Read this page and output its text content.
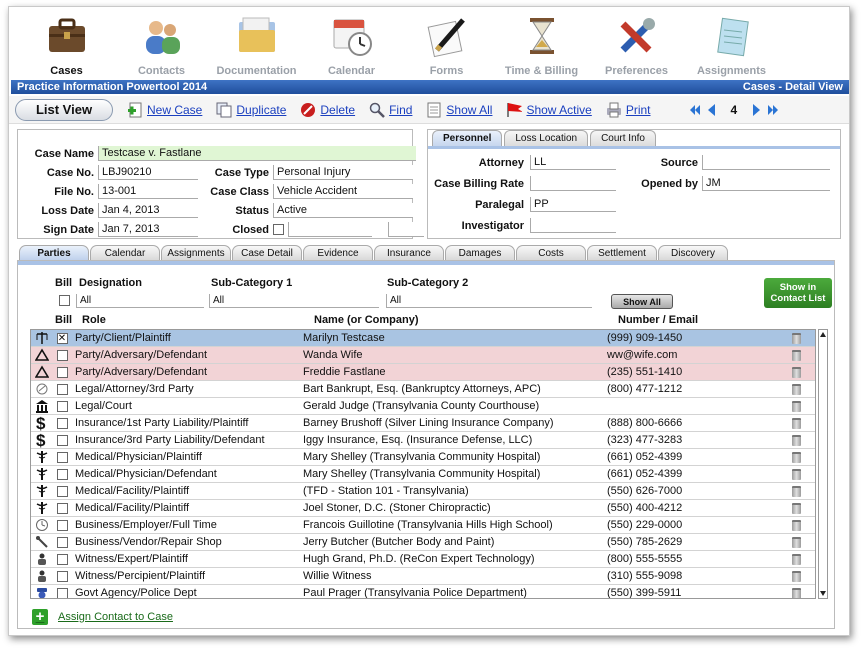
Cases	Contacts	Documentation	Calendar	Forms	Time & Billing Preferences	Assignments
Practice Information Powertool 2014	Cases - Detail View
List View	New Case	Duplicate	Delete	Find	Show All	Show Active	Print	4
Case Name Testcase v. Fastlane
Case No. LBJ90210
File No. 13-001
Loss Date Jan 4, 2013
Sign Date Jan 7, 2013
Case Type Personal Injury
Case Class Vehicle Accident
Status Active
Closed
Personnel Loss Location Court Info
Attorney LL
Case Billing Rate
Paralegal PP
Investigator
Source
Opened by JM
Parties	Calendar Assignments Case Detail Evidence	Insurance	Damages	Costs	Settlement	Discovery
Bill Designation	Sub-Category 1	Sub-Category 2
All	All	All	Show All
Show in Contact List
Bill Role	Name (or Company)	Number / Email
✕ Party/Client/Plaintiff	Marilyn Testcase	(999) 909-1450
Party/Adversary/Defendant	Wanda Wife	ww@wife.com
Party/Adversary/Defendant	Freddie Fastlane	(235) 551-1410
Legal/Attorney/3rd Party	Bart Bankrupt, Esq. (Bankruptcy Attorneys, APC)	(800) 477-1212
Legal/Court	Gerald Judge (Transylvania County Courthouse)
$	Insurance/1st Party Liability/Plaintiff	Barney Brushoff (Silver Lining Insurance Company)	(888) 800-6666
$	Insurance/3rd Party Liability/Defendant	Iggy Insurance, Esq. (Insurance Defense, LLC)	(323) 477-3283
Medical/Physician/Plaintiff	Mary Shelley (Transylvania Community Hospital)	(661) 052-4399
Medical/Physician/Defendant	Mary Shelley (Transylvania Community Hospital)	(661) 052-4399
Medical/Facility/Plaintiff	(TFD - Station 101 - Transylvania)	(550) 626-7000
Medical/Facility/Plaintiff	Joel Stoner, D.C. (Stoner Chiropractic)	(550) 400-4212
Business/Employer/Full Time	Francois Guillotine (Transylvania Hills High School)	(550) 229-0000
Business/Vendor/Repair Shop	Jerry Butcher (Butcher Body and Paint)	(550) 785-2629
Witness/Expert/Plaintiff	Hugh Grand, Ph.D. (ReCon Expert Technology)	(800) 555-5555
Witness/Percipient/Plaintiff	Willie Witness	(310) 555-9098
Govt Agency/Police Dept	Paul Prager (Transylvania Police Department)	(550) 399-5911
+	Assign Contact to Case
